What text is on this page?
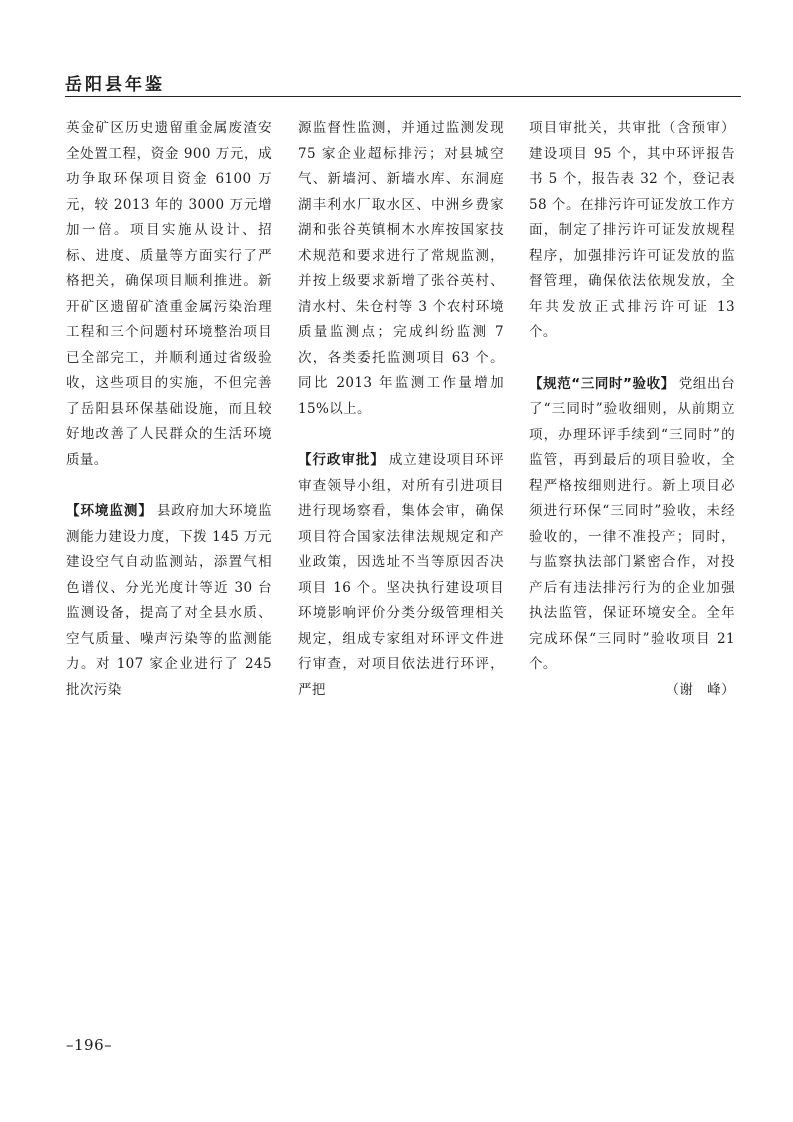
岳阳县年鉴

英金矿区历史遗留重金属废渣安全处置工程，资金 900 万元，成功争取环保项目资金 6100 万元，较 2013 年的 3000 万元增加一倍。项目实施从设计、招标、进度、质量等方面实行了严格把关，确保项目顺利推进。新开矿区遗留矿渣重金属污染治理工程和三个问题村环境整治项目已全部完工，并顺利通过省级验收，这些项目的实施，不但完善了岳阳县环保基础设施，而且较好地改善了人民群众的生活环境质量。

【环境监测】 县政府加大环境监测能力建设力度，下拨 145 万元建设空气自动监测站，添置气相色谱仪、分光光度计等近 30 台监测设备，提高了对全县水质、空气质量、噪声污染等的监测能力。对 107 家企业进行了 245 批次污染

源监督性监测，并通过监测发现 75 家企业超标排污；对县城空气、新墙河、新墙水库、东洞庭湖丰利水厂取水区、中洲乡费家湖和张谷英镇桐木水库按国家技术规范和要求进行了常规监测，并按上级要求新增了张谷英村、清水村、朱仓村等 3 个农村环境质量监测点；完成纠纷监测 7 次，各类委托监测项目 63 个。同比 2013 年监测工作量增加 15%以上。

【行政审批】 成立建设项目环评审查领导小组，对所有引进项目进行现场察看，集体会审，确保项目符合国家法律法规规定和产业政策，因选址不当等原因否决项目 16 个。坚决执行建设项目环境影响评价分类分级管理相关规定，组成专家组对环评文件进行审查，对项目依法进行环评，严把

项目审批关，共审批（含预审）建设项目 95 个，其中环评报告书 5 个，报告表 32 个，登记表 58 个。在排污许可证发放工作方面，制定了排污许可证发放规程程序，加强排污许可证发放的监督管理，确保依法依规发放，全年共发放正式排污许可证 13 个。

【规范“三同时”验收】 党组出台了“三同时”验收细则，从前期立项，办理环评手续到“三同时”的监管，再到最后的项目验收，全程严格按细则进行。新上项目必须进行环保“三同时”验收，未经验收的，一律不准投产；同时，与监察执法部门紧密合作，对投产后有违法排污行为的企业加强执法监管，保证环境安全。全年完成环保“三同时”验收项目 21 个。

（谢　峰）

–196–
